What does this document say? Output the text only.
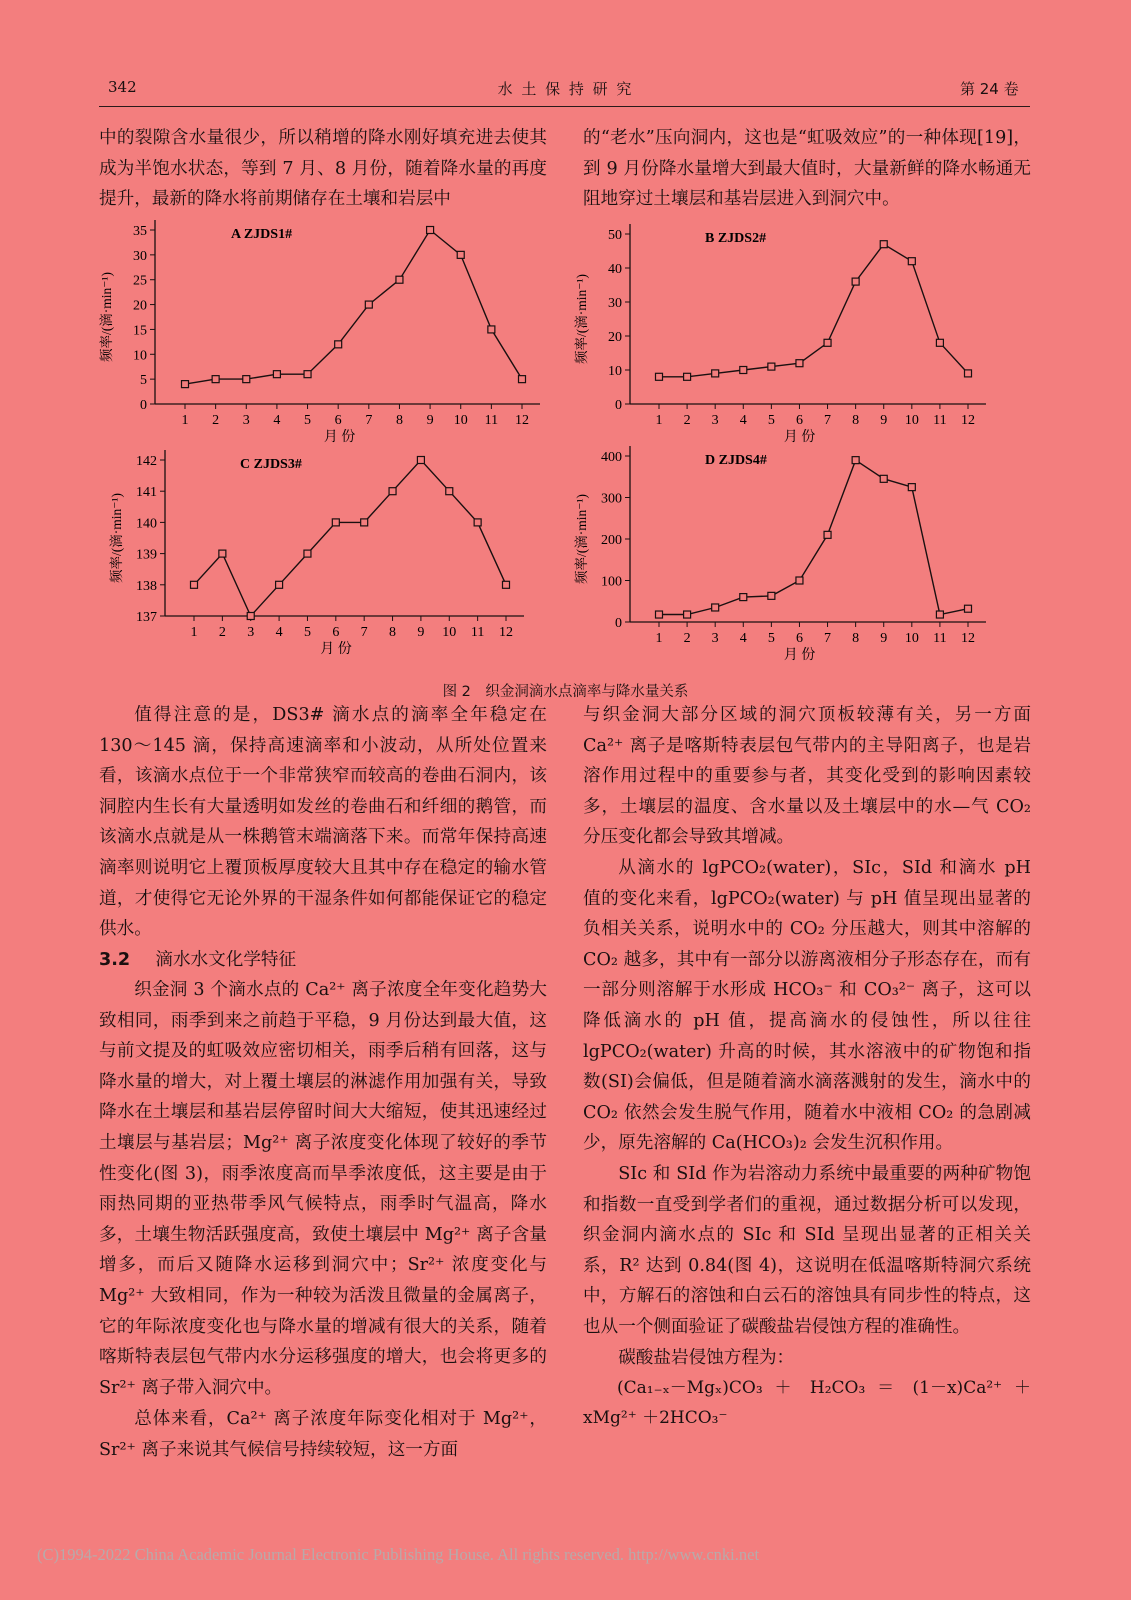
342	水 土 保 持 研 究	第 24 卷

中的裂隙含水量很少，所以稍增的降水刚好填充进去使其成为半饱水状态，等到 7 月、8 月份，随着降水量的再度提升，最新的降水将前期储存在土壤和岩层中

的“老水”压向洞内，这也是“虹吸效应”的一种体现[19]，到 9 月份降水量增大到最大值时，大量新鲜的降水畅通无阻地穿过土壤层和基岩层进入到洞穴中。

0
5
10
15
20
25
30
35
1 2 3 4 5 6 7 8 9 10 11 12
A ZJDS1#
月 份
频率/(滴·min⁻¹)
0
10
20
30
40
50
1 2 3 4 5 6 7 8 9 10 11 12
B ZJDS2#
月 份
频率/(滴·min⁻¹)
137
138
139
140
141
142
1 2 3 4 5 6 7 8 9 10 11 12
C ZJDS3#
月 份
频率/(滴·min⁻¹)
0
100
200
300
400
1 2 3 4 5 6 7 8 9 10 11 12
D ZJDS4#
月 份
频率/(滴·min⁻¹)
图 2　织金洞滴水点滴率与降水量关系

值得注意的是，DS3# 滴水点的滴率全年稳定在 130～145 滴，保持高速滴率和小波动，从所处位置来看，该滴水点位于一个非常狭窄而较高的卷曲石洞内，该洞腔内生长有大量透明如发丝的卷曲石和纤细的鹅管，而该滴水点就是从一株鹅管末端滴落下来。而常年保持高速滴率则说明它上覆顶板厚度较大且其中存在稳定的输水管道，才使得它无论外界的干湿条件如何都能保证它的稳定供水。

3.2 滴水水文化学特征

织金洞 3 个滴水点的 Ca²⁺ 离子浓度全年变化趋势大致相同，雨季到来之前趋于平稳，9 月份达到最大值，这与前文提及的虹吸效应密切相关，雨季后稍有回落，这与降水量的增大，对上覆土壤层的淋滤作用加强有关，导致降水在土壤层和基岩层停留时间大大缩短，使其迅速经过土壤层与基岩层；Mg²⁺ 离子浓度变化体现了较好的季节性变化(图 3)，雨季浓度高而旱季浓度低，这主要是由于雨热同期的亚热带季风气候特点，雨季时气温高，降水多，土壤生物活跃强度高，致使土壤层中 Mg²⁺ 离子含量增多，而后又随降水运移到洞穴中；Sr²⁺ 浓度变化与 Mg²⁺ 大致相同，作为一种较为活泼且微量的金属离子，它的年际浓度变化也与降水量的增减有很大的关系，随着喀斯特表层包气带内水分运移强度的增大，也会将更多的 Sr²⁺ 离子带入洞穴中。

总体来看，Ca²⁺ 离子浓度年际变化相对于 Mg²⁺，Sr²⁺ 离子来说其气候信号持续较短，这一方面

与织金洞大部分区域的洞穴顶板较薄有关，另一方面 Ca²⁺ 离子是喀斯特表层包气带内的主导阳离子，也是岩溶作用过程中的重要参与者，其变化受到的影响因素较多，土壤层的温度、含水量以及土壤层中的水—气 CO₂ 分压变化都会导致其增减。

从滴水的 lgPCO₂(water)，SIc，SId 和滴水 pH 值的变化来看，lgPCO₂(water) 与 pH 值呈现出显著的负相关关系，说明水中的 CO₂ 分压越大，则其中溶解的 CO₂ 越多，其中有一部分以游离液相分子形态存在，而有一部分则溶解于水形成 HCO₃⁻ 和 CO₃²⁻ 离子，这可以降低滴水的 pH 值，提高滴水的侵蚀性，所以往往 lgPCO₂(water) 升高的时候，其水溶液中的矿物饱和指数(SI)会偏低，但是随着滴水滴落溅射的发生，滴水中的 CO₂ 依然会发生脱气作用，随着水中液相 CO₂ 的急剧减少，原先溶解的 Ca(HCO₃)₂ 会发生沉积作用。

SIc 和 SId 作为岩溶动力系统中最重要的两种矿物饱和指数一直受到学者们的重视，通过数据分析可以发现，织金洞内滴水点的 SIc 和 SId 呈现出显著的正相关关系，R² 达到 0.84(图 4)，这说明在低温喀斯特洞穴系统中，方解石的溶蚀和白云石的溶蚀具有同步性的特点，这也从一个侧面验证了碳酸盐岩侵蚀方程的准确性。

碳酸盐岩侵蚀方程为：

(Ca₁₋ₓ－Mgₓ)CO₃ ＋ H₂CO₃ ＝ (1－x)Ca²⁺ ＋
xMg²⁺ ＋2HCO₃⁻
(C)1994-2022 China Academic Journal Electronic Publishing House. All rights reserved. http://www.cnki.net
